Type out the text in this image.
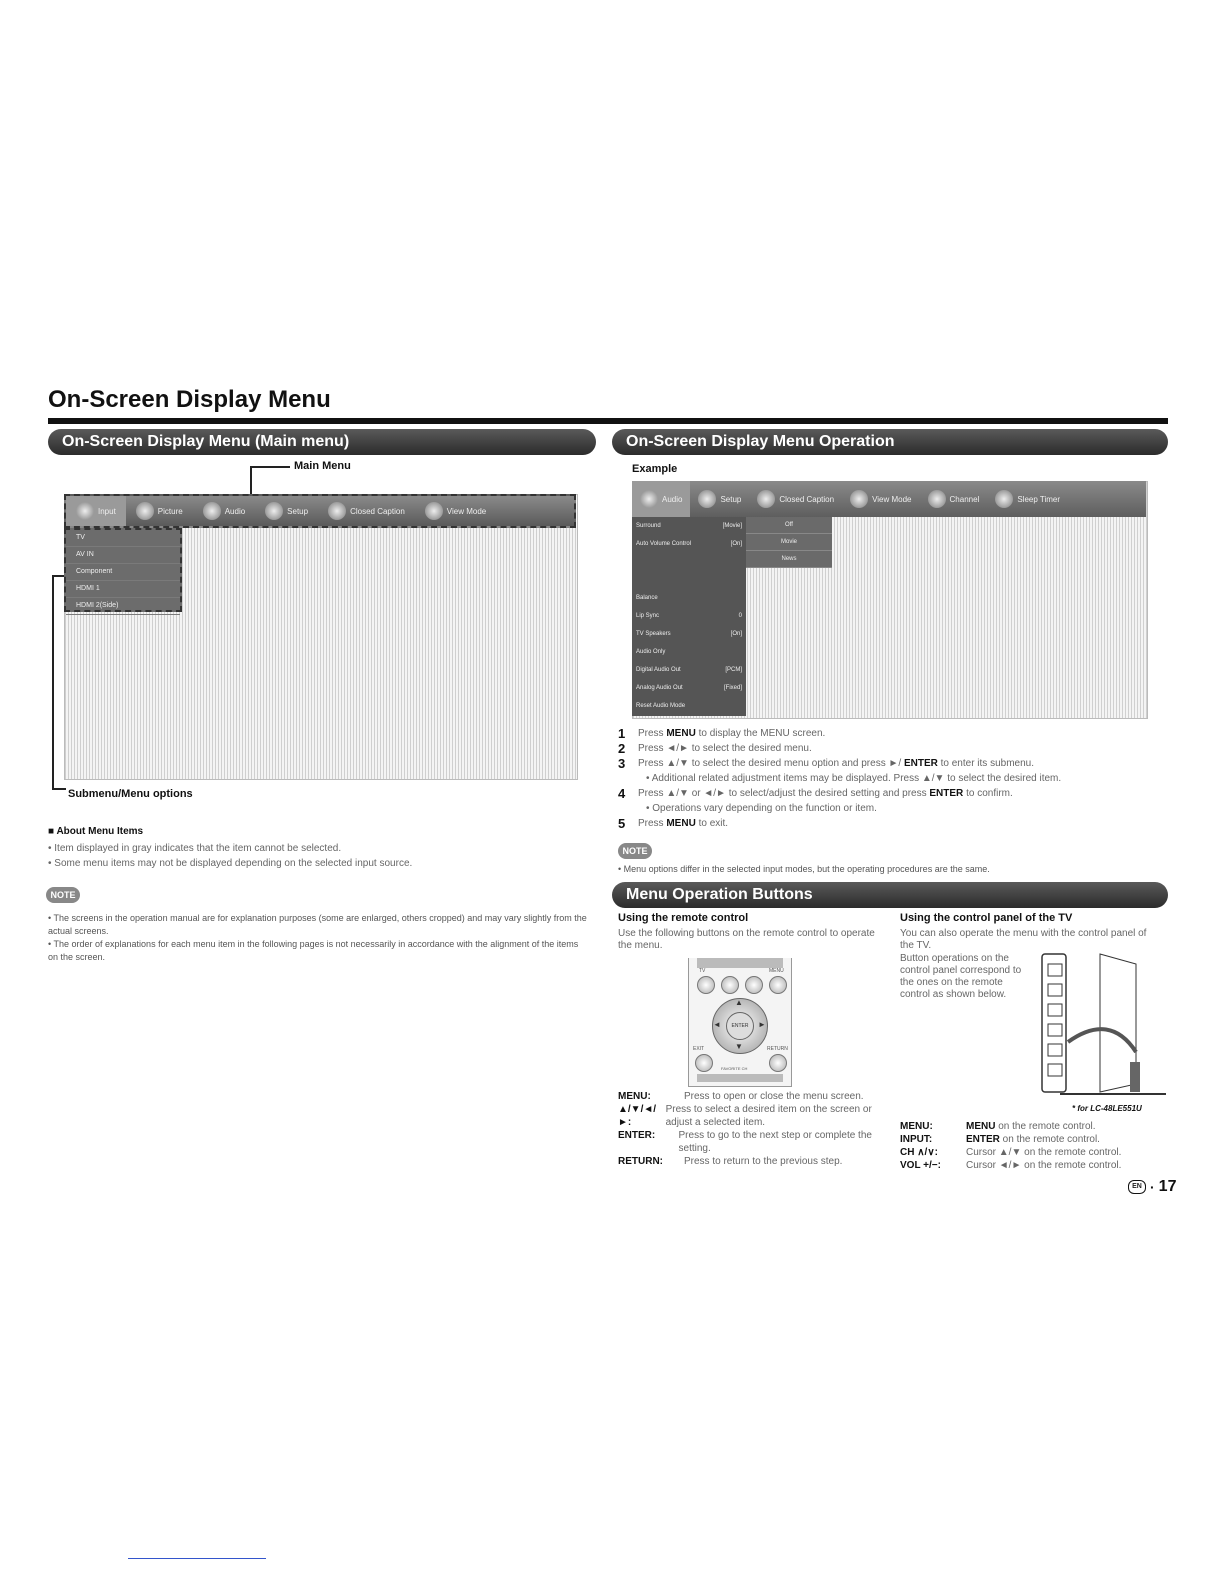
On-Screen Display Menu
On-Screen Display Menu (Main menu)
Main Menu
Input	Picture	Audio	Setup	Closed Caption	View Mode
TV
AV IN
Component
HDMI 1
HDMI 2(Side)
Submenu/Menu options
■ About Menu Items
• Item displayed in gray indicates that the item cannot be selected.
• Some menu items may not be displayed depending on the selected input source.
NOTE
• The screens in the operation manual are for explanation purposes (some are enlarged, others cropped) and may vary slightly from the actual screens.
• The order of explanations for each menu item in the following pages is not necessarily in accordance with the alignment of the items on the screen.
On-Screen Display Menu Operation
Example
Audio	Setup	Closed Caption	View Mode	Channel	Sleep Timer
Surround	[Movie]
Auto Volume Control	[On]
Balance
Lip Sync	0
TV Speakers	[On]
Audio Only
Digital Audio Out	[PCM]
Analog Audio Out	[Fixed]
Reset Audio Mode
Off
Movie
News
1 Press MENU to display the MENU screen.
2 Press ◄/► to select the desired menu.
3 Press ▲/▼ to select the desired menu option and press ►/ ENTER to enter its submenu.
• Additional related adjustment items may be displayed. Press ▲/▼ to select the desired item.
4 Press ▲/▼ or ◄/► to select/adjust the desired setting and press ENTER to confirm.
• Operations vary depending on the function or item.
5 Press MENU to exit.
NOTE
• Menu options differ in the selected input modes, but the operating procedures are the same.
Menu Operation Buttons
Using the remote control
Use the following buttons on the remote control to operate the menu.
TV	MENU
ENTER
▲
▼
◄	►
EXIT	RETURN
FAVORITE CH
MENU:	Press to open or close the menu screen.
▲/▼/◄/►:
Press to select a desired item on the screen or adjust a selected item.
ENTER:	Press to go to the next step or complete the setting.
RETURN:	Press to return to the previous step.
Using the control panel of the TV
You can also operate the menu with the control panel of the TV.
Button operations on the control panel correspond to the ones on the remote control as shown below.
* for LC-48LE551U
MENU:	MENU on the remote control.
INPUT:	ENTER on the remote control.
CH ∧/∨:	Cursor ▲/▼ on the remote control.
VOL +/−:	Cursor ◄/► on the remote control.
EN · 17
